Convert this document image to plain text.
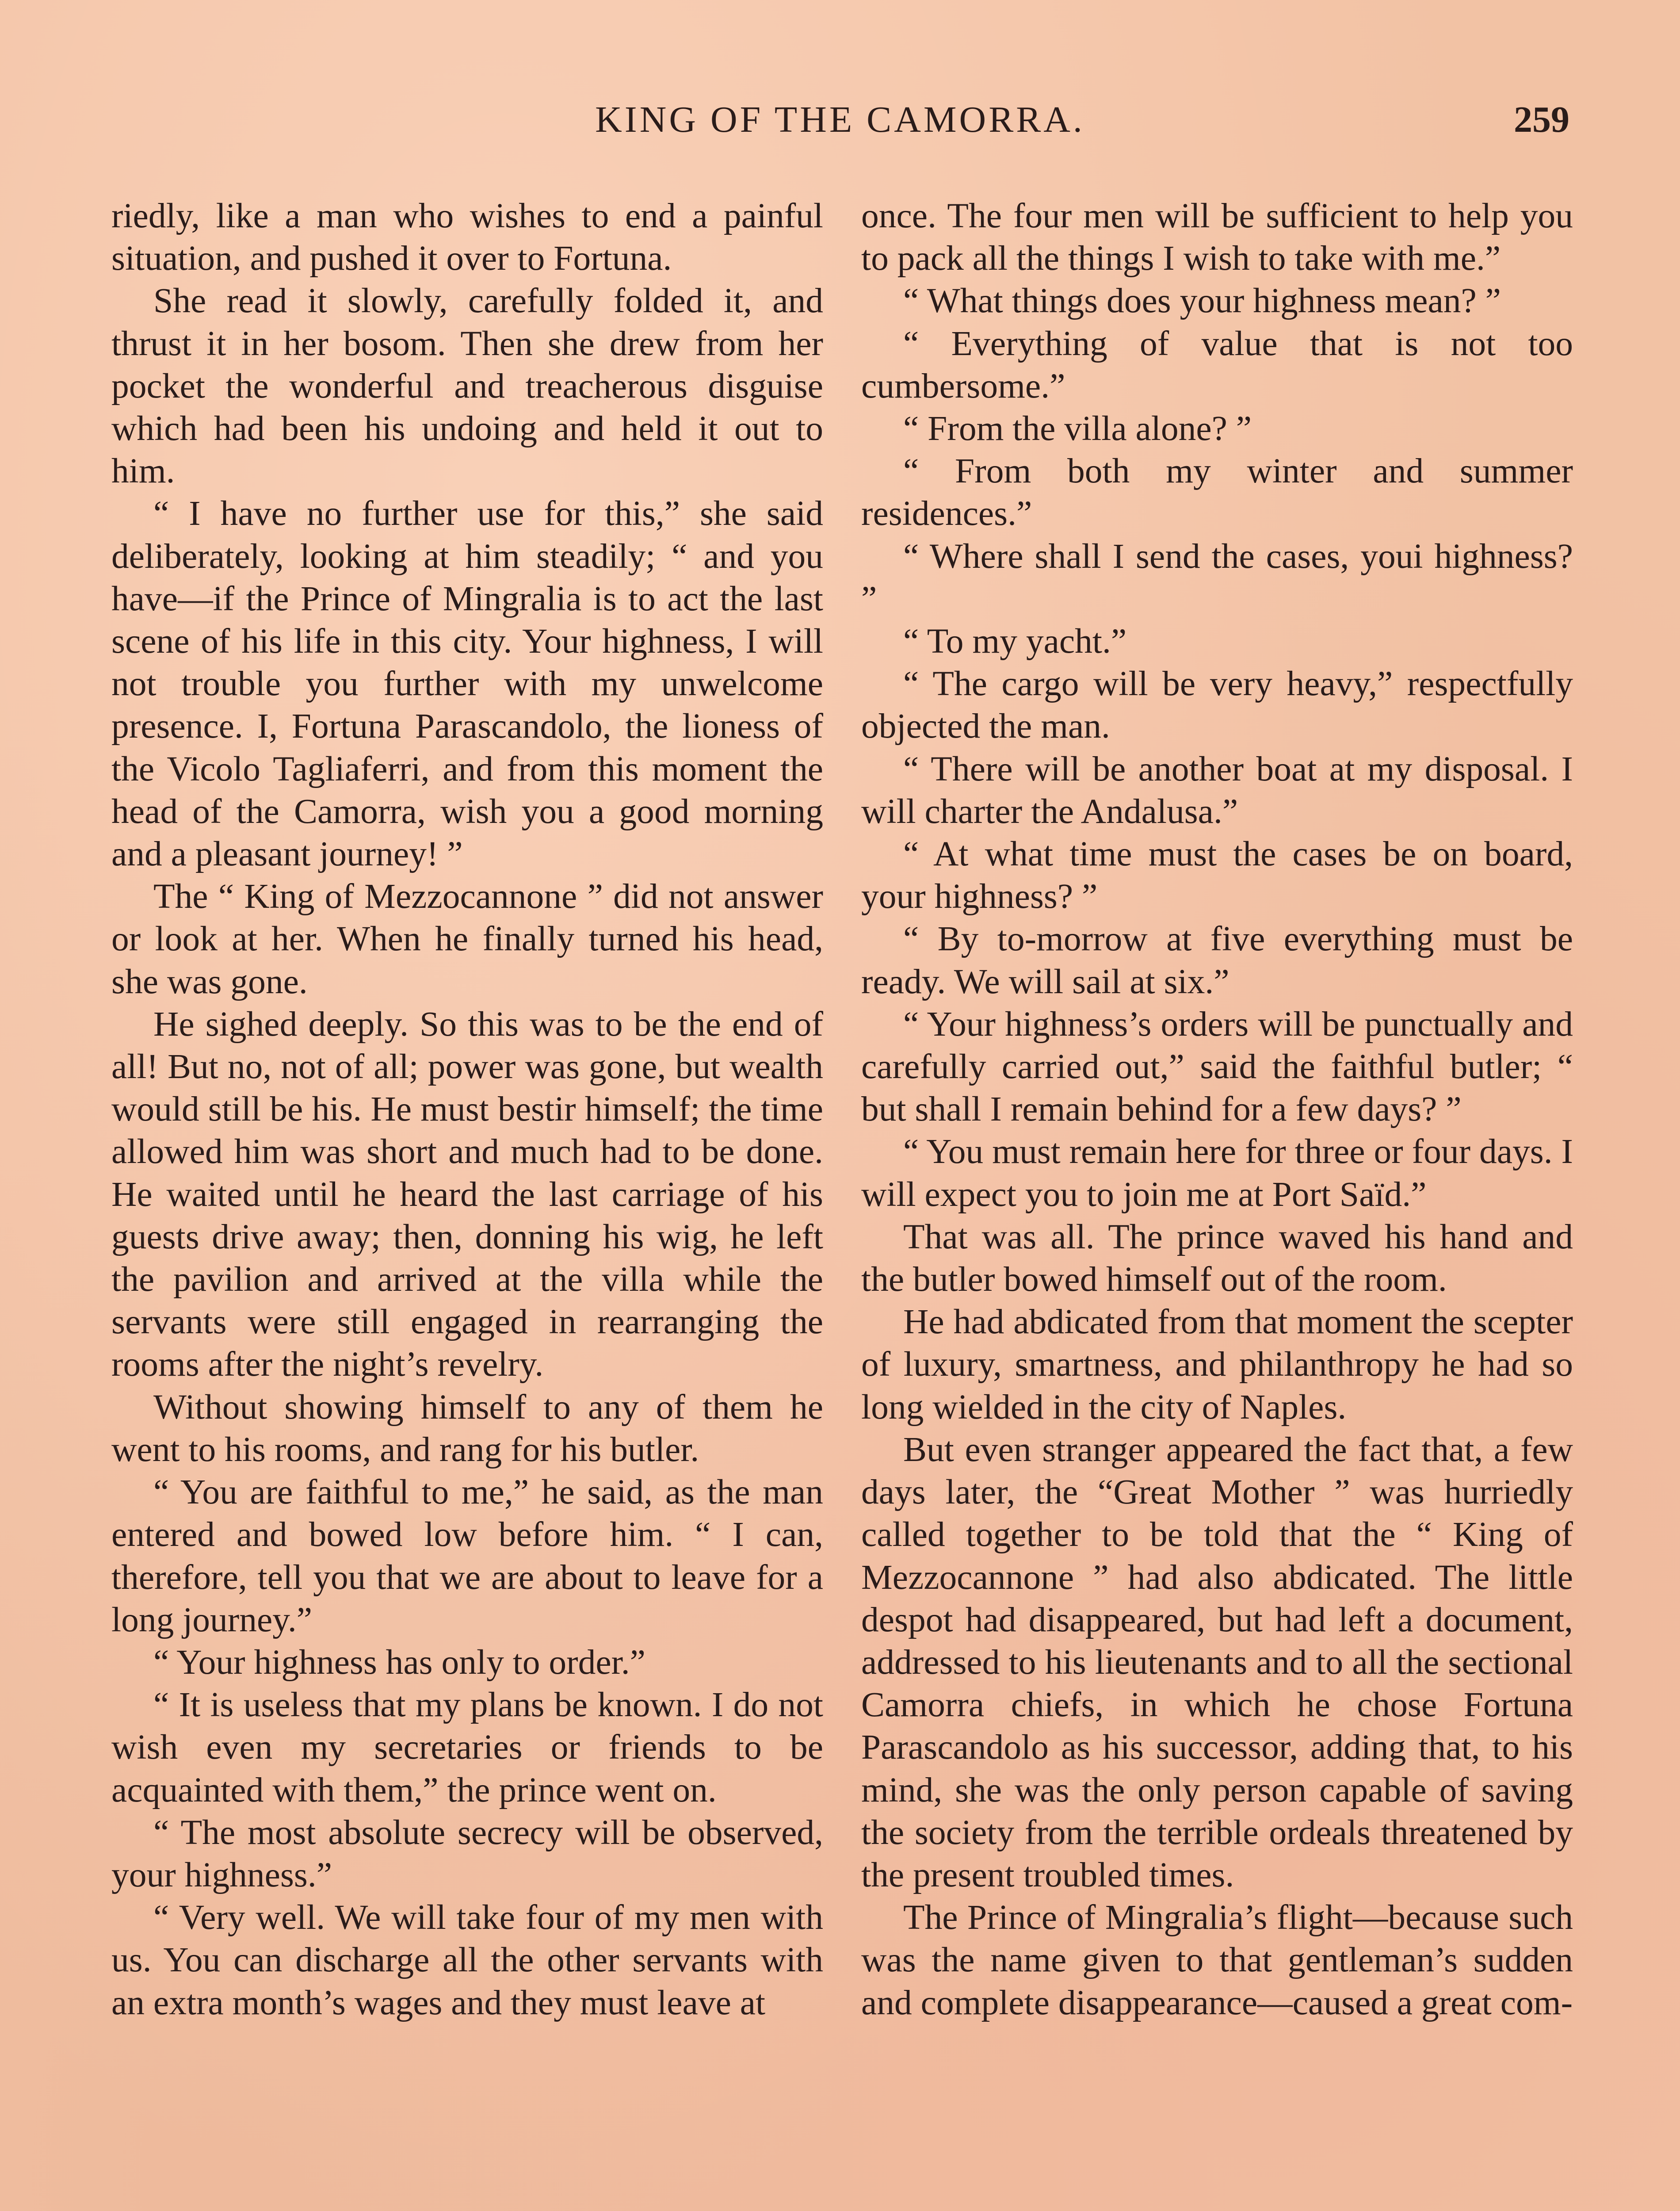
KING OF THE CAMORRA.	259

riedly, like a man who wishes to end a painful situation, and pushed it over to Fortuna.

She read it slowly, carefully folded it, and thrust it in her bosom. Then she drew from her pocket the wonderful and treacherous disguise which had been his undoing and held it out to him.

“ I have no further use for this,” she said deliberately, looking at him steadily; “ and you have—if the Prince of Mingralia is to act the last scene of his life in this city. Your highness, I will not trouble you further with my unwelcome presence. I, Fortuna Parascandolo, the lioness of the Vicolo Tagliaferri, and from this moment the head of the Camorra, wish you a good morning and a pleasant journey! ”

The “ King of Mezzocannone ” did not answer or look at her. When he finally turned his head, she was gone.

He sighed deeply. So this was to be the end of all! But no, not of all; power was gone, but wealth would still be his. He must bestir himself; the time allowed him was short and much had to be done. He waited until he heard the last carriage of his guests drive away; then, donning his wig, he left the pavilion and arrived at the villa while the servants were still engaged in rearranging the rooms after the night’s revelry.

Without showing himself to any of them he went to his rooms, and rang for his butler.

“ You are faithful to me,” he said, as the man entered and bowed low before him. “ I can, therefore, tell you that we are about to leave for a long journey.”

“ Your highness has only to order.”

“ It is useless that my plans be known. I do not wish even my secretaries or friends to be acquainted with them,” the prince went on.

“ The most absolute secrecy will be observed, your highness.”

“ Very well. We will take four of my men with us. You can discharge all the other servants with an extra month’s wages and they must leave at

once. The four men will be sufficient to help you to pack all the things I wish to take with me.”

“ What things does your highness mean? ”

“ Everything of value that is not too cumbersome.”

“ From the villa alone? ”

“ From both my winter and summer residences.”

“ Where shall I send the cases, youi highness? ”

“ To my yacht.”

“ The cargo will be very heavy,” respectfully objected the man.

“ There will be another boat at my disposal. I will charter the Andalusa.”

“ At what time must the cases be on board, your highness? ”

“ By to-morrow at five everything must be ready. We will sail at six.”

“ Your highness’s orders will be punctually and carefully carried out,” said the faithful butler; “ but shall I remain behind for a few days? ”

“ You must remain here for three or four days. I will expect you to join me at Port Saïd.”

That was all. The prince waved his hand and the butler bowed himself out of the room.

He had abdicated from that moment the scepter of luxury, smartness, and philanthropy he had so long wielded in the city of Naples.

But even stranger appeared the fact that, a few days later, the “Great Mother ” was hurriedly called together to be told that the “ King of Mezzocannone ” had also abdicated. The little despot had disappeared, but had left a document, addressed to his lieutenants and to all the sectional Camorra chiefs, in which he chose Fortuna Parascandolo as his successor, adding that, to his mind, she was the only person capable of saving the society from the terrible ordeals threatened by the present troubled times.

The Prince of Mingralia’s flight—because such was the name given to that gentleman’s sudden and complete disappearance—caused a great com-
